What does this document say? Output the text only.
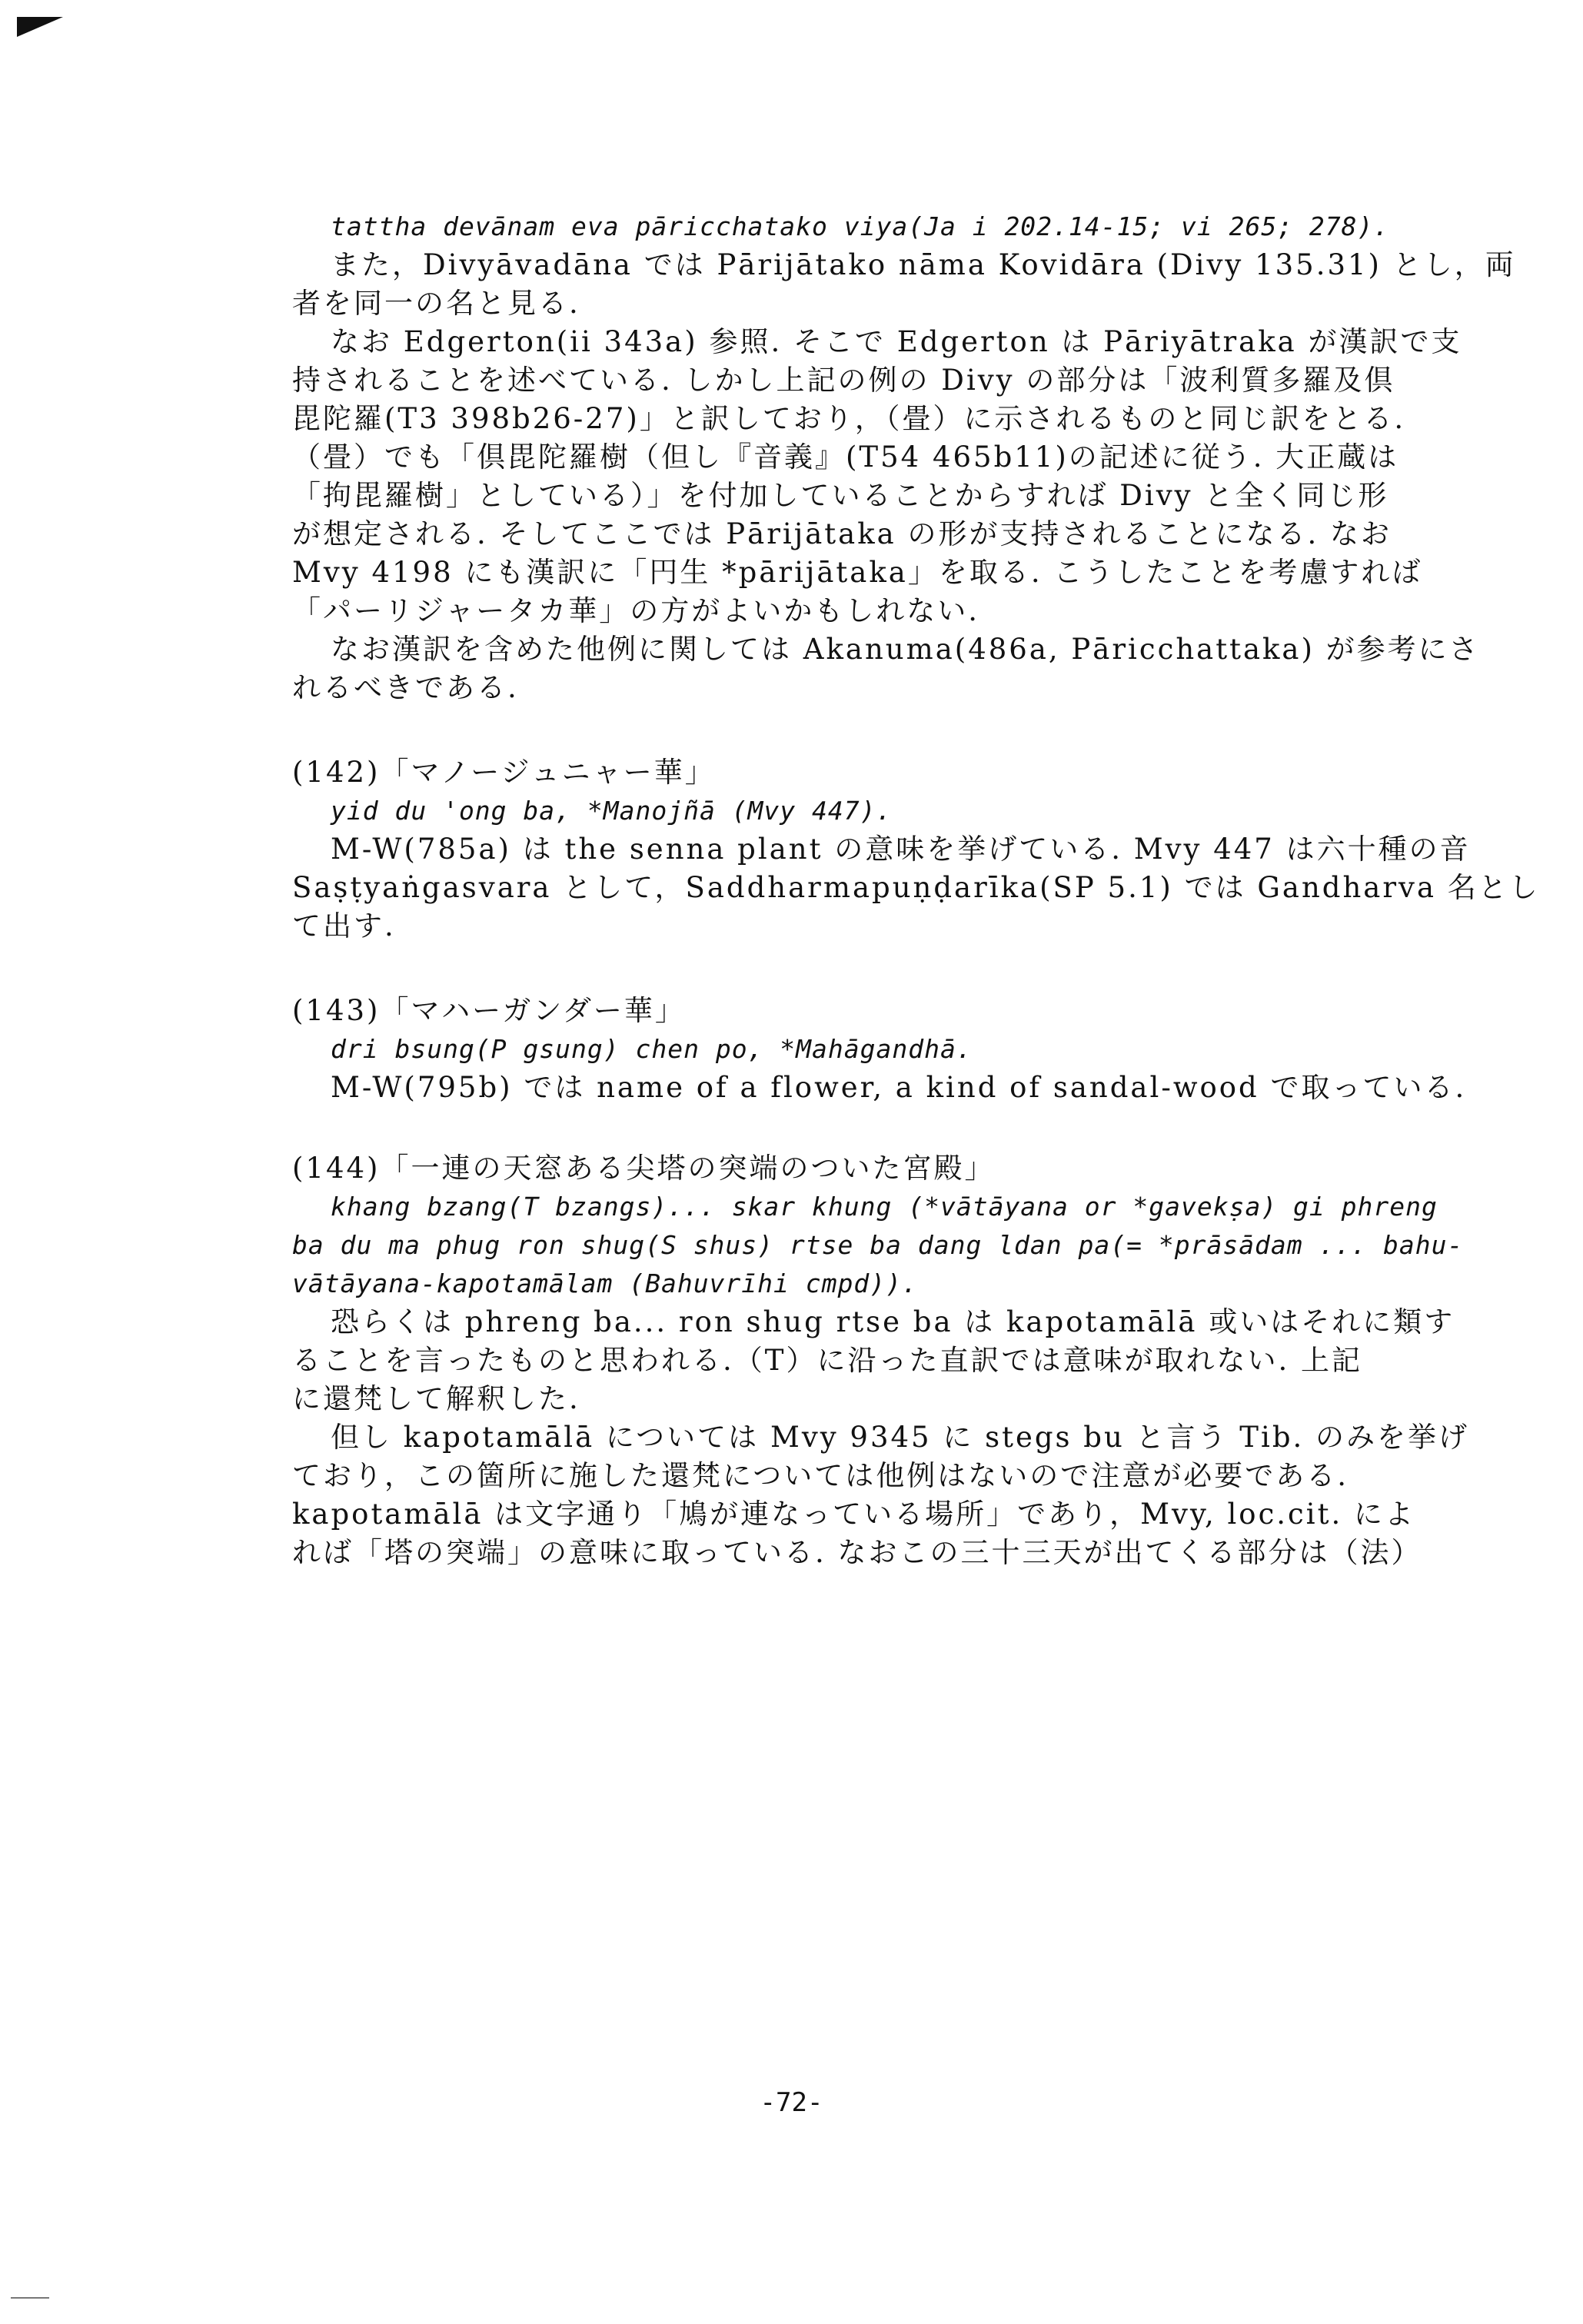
tattha devānam eva pāricchatako viya(Ja i 202.14-15; vi 265; 278).
また，Divyāvadāna では Pārijātako nāma Kovidāra (Divy 135.31) とし，両
者を同一の名と見る.
なお Edgerton(ii 343a) 参照. そこで Edgerton は Pāriyātraka が漢訳で支
持されることを述べている. しかし上記の例の Divy の部分は「波利質多羅及倶
毘陀羅(T3 398b26-27)」と訳しており，（畳）に示されるものと同じ訳をとる.
（畳）でも「倶毘陀羅樹（但し『音義』(T54 465b11)の記述に従う. 大正蔵は
「拘毘羅樹」としている）」を付加していることからすれば Divy と全く同じ形
が想定される. そしてここでは Pārijātaka の形が支持されることになる. なお
Mvy 4198 にも漢訳に「円生 *pārijātaka」を取る. こうしたことを考慮すれば
「パーリジャータカ華」の方がよいかもしれない.
なお漢訳を含めた他例に関しては Akanuma(486a, Pāricchattaka) が参考にさ
れるべきである.
(142)「マノージュニャー華」
yid du 'ong ba, *Manojñā (Mvy 447).
M-W(785a) は the senna plant の意味を挙げている. Mvy 447 は六十種の音
Saṣṭyaṅgasvara として，Saddharmapuṇḍarīka(SP 5.1) では Gandharva 名とし
て出す.
(143)「マハーガンダー華」
dri bsung(P gsung) chen po, *Mahāgandhā.
M-W(795b) では name of a flower, a kind of sandal-wood で取っている.
(144)「一連の天窓ある尖塔の突端のついた宮殿」
khang bzang(T bzangs)... skar khung (*vātāyana or *gavekṣa) gi phreng
ba du ma phug ron shug(S shus) rtse ba dang ldan pa(= *prāsādam ... bahu-
vātāyana-kapotamālam (Bahuvrīhi cmpd)).
恐らくは phreng ba... ron shug rtse ba は kapotamālā 或いはそれに類す
ることを言ったものと思われる.（T）に沿った直訳では意味が取れない. 上記
に還梵して解釈した.
但し kapotamālā については Mvy 9345 に stegs bu と言う Tib. のみを挙げ
ており，この箇所に施した還梵については他例はないので注意が必要である.
kapotamālā は文字通り「鳩が連なっている場所」であり，Mvy, loc.cit. によ
れば「塔の突端」の意味に取っている. なおこの三十三天が出てくる部分は（法）
-72-
